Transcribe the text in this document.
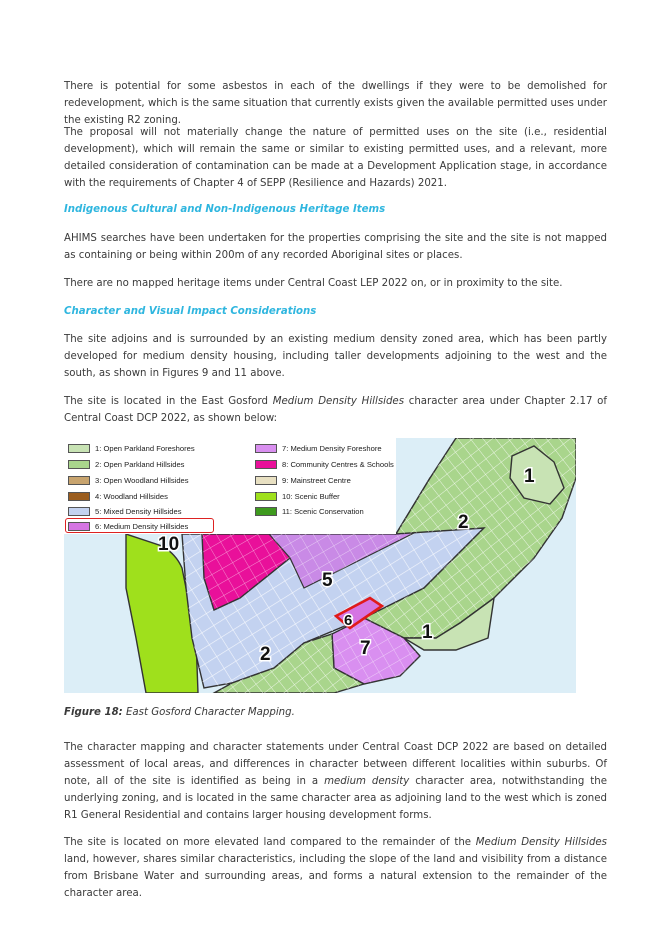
There is potential for some asbestos in each of the dwellings if they were to be demolished for redevelopment, which is the same situation that currently exists given the available permitted uses under the existing R2 zoning.

The proposal will not materially change the nature of permitted uses on the site (i.e., residential development), which will remain the same or similar to existing permitted uses, and a relevant, more detailed consideration of contamination can be made at a Development Application stage, in accordance with the requirements of Chapter 4 of SEPP (Resilience and Hazards) 2021.

Indigenous Cultural and Non-Indigenous Heritage Items

AHIMS searches have been undertaken for the properties comprising the site and the site is not mapped as containing or being within 200m of any recorded Aboriginal sites or places.

There are no mapped heritage items under Central Coast LEP 2022 on, or in proximity to the site.

Character and Visual Impact Considerations

The site adjoins and is surrounded by an existing medium density zoned area, which has been partly developed for medium density housing, including taller developments adjoining to the west and the south, as shown in Figures 9 and 11 above.

The site is located in the East Gosford Medium Density Hillsides character area under Chapter 2.17 of Central Coast DCP 2022, as shown below:

10
5
6
7
1
1
2
2
1: Open Parkland Foreshores
2: Open Parkland Hillsides
3: Open Woodland Hillsides
4: Woodland Hillsides
5: Mixed Density Hillsides
6: Medium Density Hillsides
7: Medium Density Foreshore
8: Community Centres & Schools
9: Mainstreet Centre
10: Scenic Buffer
11: Scenic Conservation

Figure 18: East Gosford Character Mapping.

The character mapping and character statements under Central Coast DCP 2022 are based on detailed assessment of local areas, and differences in character between different localities within suburbs. Of note, all of the site is identified as being in a medium density character area, notwithstanding the underlying zoning, and is located in the same character area as adjoining land to the west which is zoned R1 General Residential and contains larger housing development forms.

The site is located on more elevated land compared to the remainder of the Medium Density Hillsides land, however, shares similar characteristics, including the slope of the land and visibility from a distance from Brisbane Water and surrounding areas, and forms a natural extension to the remainder of the character area.
